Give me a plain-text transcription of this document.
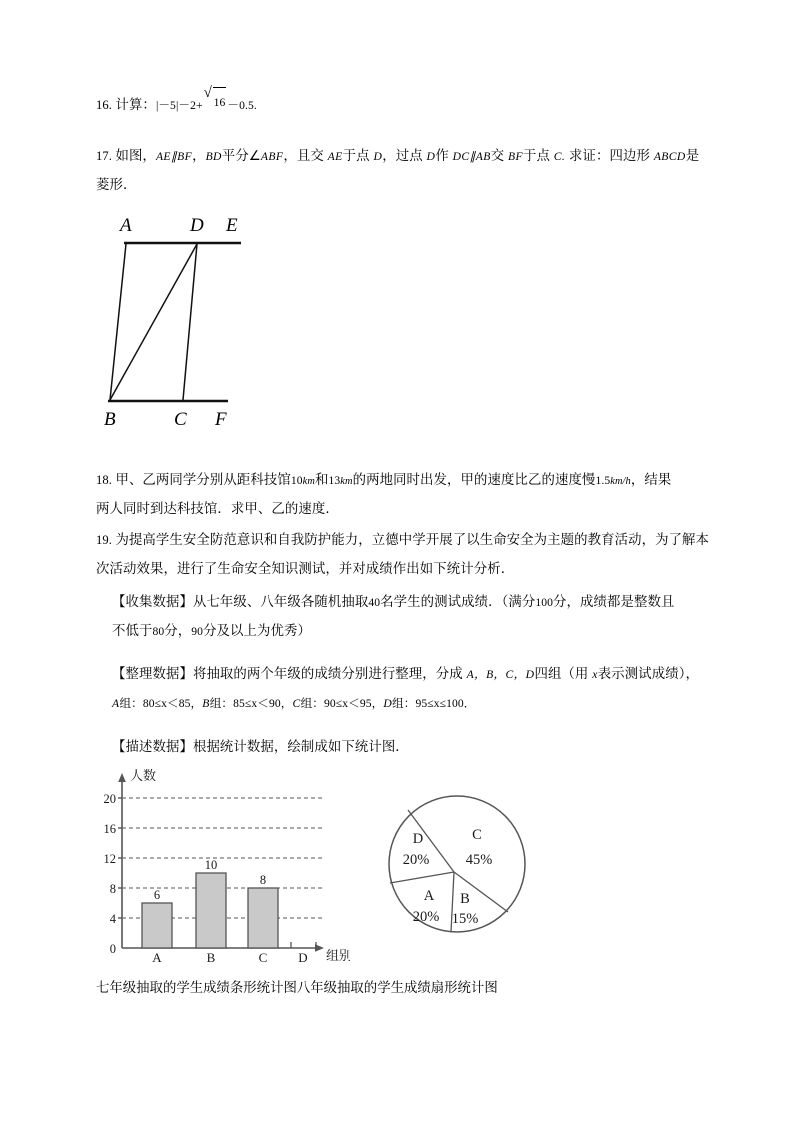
16. 计算：|－5|－2+
√
16 －0.5.
17. 如图，AE∥BF，BD平分∠ABF，且交 AE于点 D，过点 D作 DC∥AB交 BF于点 C. 求证：四边形 ABCD是
菱形．
A	D E
B	C F
18. 甲、乙两同学分别从距科技馆10km和13km的两地同时出发，甲的速度比乙的速度慢1.5km/h，结果
两人同时到达科技馆．求甲、乙的速度．
19. 为提高学生安全防范意识和自我防护能力，立德中学开展了以生命安全为主题的教育活动，为了解本
次活动效果，进行了生命安全知识测试，并对成绩作出如下统计分析．
【收集数据】从七年级、八年级各随机抽取40名学生的测试成绩．（满分100分，成绩都是整数且
不低于80分，90分及以上为优秀）
【整理数据】将抽取的两个年级的成绩分别进行整理，分成 A，B，C，D四组（用 x表示测试成绩），
A组：80≤x＜85，B组：85≤x＜90，C组：90≤x＜95，D组：95≤x≤100．
【描述数据】根据统计数据，绘制成如下统计图．
20
16
12
8
4
0
6
10
8
A	B	C D
人数
组别
C
45%
B
15%
A
20%
D
20%
七年级抽取的学生成绩条形统计图八年级抽取的学生成绩扇形统计图
